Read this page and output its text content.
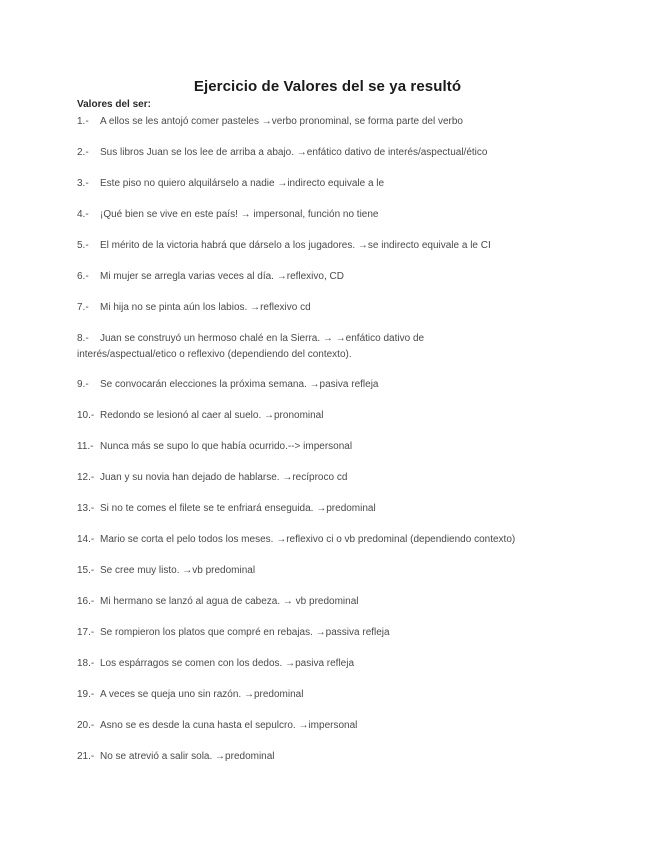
Ejercicio de Valores del se ya resultó
Valores del ser:
1.- A ellos se les antojó comer pasteles →verbo pronominal, se forma parte del verbo
2.- Sus libros Juan se los lee de arriba a abajo. →enfático dativo de interés/aspectual/ético
3.- Este piso no quiero alquilárselo a nadie →indirecto equivale a le
4.- ¡Qué bien se vive en este país! → impersonal, función no tiene
5.- El mérito de la victoria habrá que dárselo a los jugadores. →se indirecto equivale a le CI
6.- Mi mujer se arregla varias veces al día. →reflexivo, CD
7.- Mi hija no se pinta aún los labios. →reflexivo cd
8.- Juan se construyó un hermoso chalé en la Sierra. → →enfático dativo de
interés/aspectual/etico o reflexivo (dependiendo del contexto).
9.- Se convocarán elecciones la próxima semana. →pasiva refleja
10.- Redondo se lesionó al caer al suelo. →pronominal
11.- Nunca más se supo lo que había ocurrido.--> impersonal
12.- Juan y su novia han dejado de hablarse. →recíproco cd
13.- Si no te comes el filete se te enfriará enseguida. →predominal
14.- Mario se corta el pelo todos los meses. →reflexivo ci o vb predominal (dependiendo contexto)
15.- Se cree muy listo. →vb predominal
16.- Mi hermano se lanzó al agua de cabeza. → vb predominal
17.- Se rompieron los platos que compré en rebajas. →passiva refleja
18.- Los espárragos se comen con los dedos. →pasiva refleja
19.- A veces se queja uno sin razón. →predominal
20.- Asno se es desde la cuna hasta el sepulcro. →impersonal
21.- No se atrevió a salir sola. →predominal
